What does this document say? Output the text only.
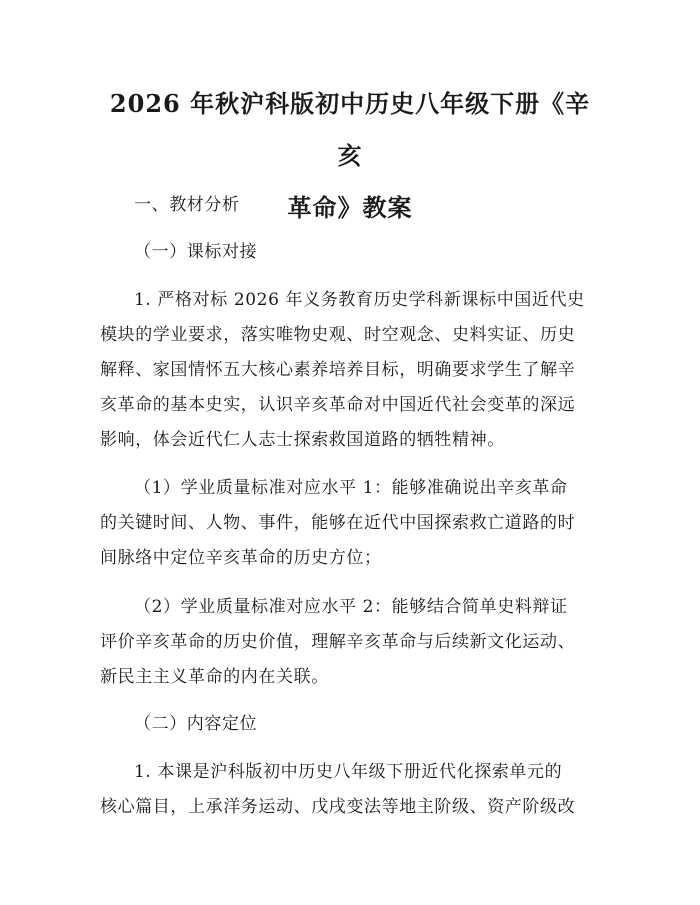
2026 年秋沪科版初中历史八年级下册《辛亥
革命》教案

一、教材分析

（一）课标对接

1. 严格对标 2026 年义务教育历史学科新课标中国近代史
模块的学业要求，落实唯物史观、时空观念、史料实证、历史
解释、家国情怀五大核心素养培养目标，明确要求学生了解辛
亥革命的基本史实，认识辛亥革命对中国近代社会变革的深远
影响，体会近代仁人志士探索救国道路的牺牲精神。

（1）学业质量标准对应水平 1：能够准确说出辛亥革命
的关键时间、人物、事件，能够在近代中国探索救亡道路的时
间脉络中定位辛亥革命的历史方位；

（2）学业质量标准对应水平 2：能够结合简单史料辩证
评价辛亥革命的历史价值，理解辛亥革命与后续新文化运动、
新民主主义革命的内在关联。

（二）内容定位

1. 本课是沪科版初中历史八年级下册近代化探索单元的
核心篇目，上承洋务运动、戊戌变法等地主阶级、资产阶级改
